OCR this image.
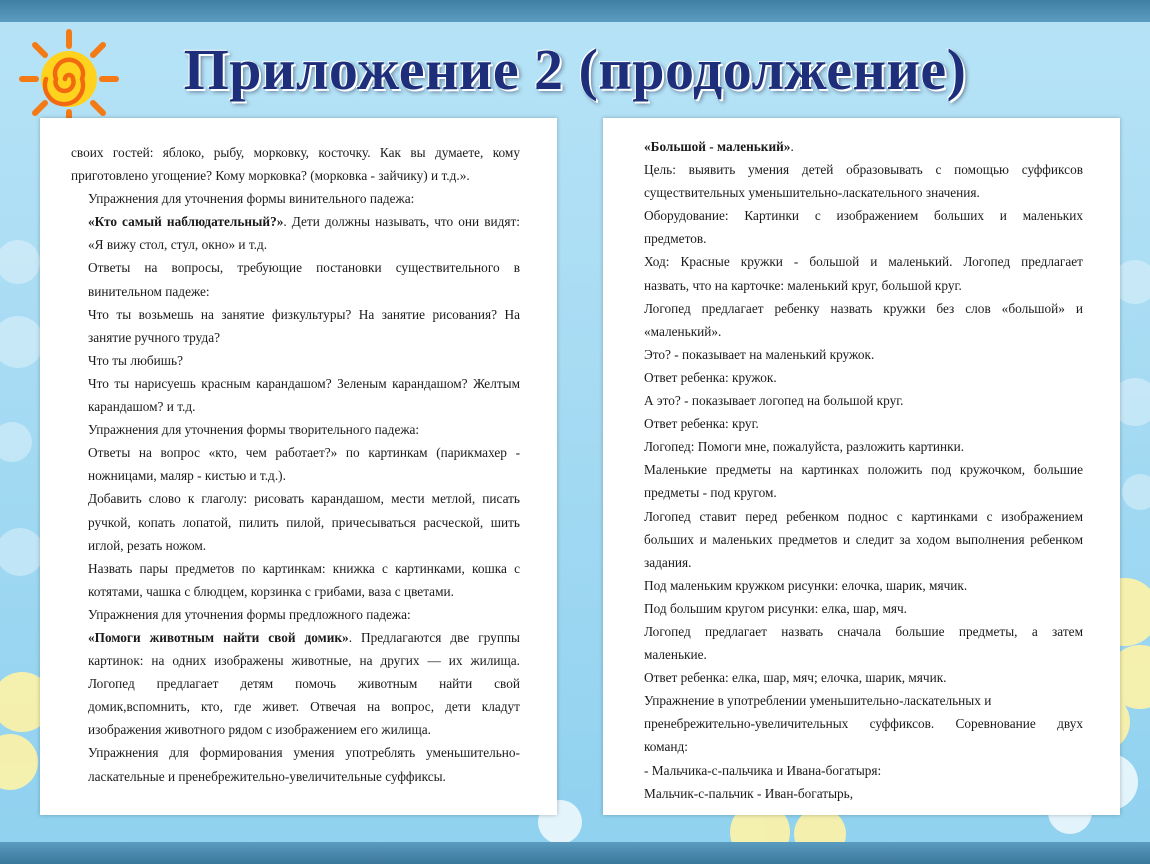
Приложение 2 (продолжение)
своих гостей: яблоко, рыбу, морковку, косточку. Как вы думаете, кому
приготовлено угощение? Кому морковка? (морковка - зайчику) и т.д.».
Упражнения для уточнения формы винительного падежа:
«Кто самый наблюдательный?». Дети должны называть, что они видят:
«Я вижу стол, стул, окно» и т.д.
Ответы на вопросы, требующие постановки существительного в
винительном падеже:
Что ты возьмешь на занятие физкультуры? На занятие рисования? На
занятие ручного труда?
Что ты любишь?
Что ты нарисуешь красным карандашом? Зеленым карандашом? Желтым
карандашом? и т.д.
Упражнения для уточнения формы творительного падежа:
Ответы на вопрос «кто, чем работает?» по картинкам (парикмахер -
ножницами, маляр - кистью и т.д.).
Добавить слово к глаголу: рисовать карандашом, мести метлой, писать
ручкой, копать лопатой, пилить пилой, причесываться расческой, шить
иглой, резать ножом.
Назвать пары предметов по картинкам: книжка с картинками, кошка с
котятами, чашка с блюдцем, корзинка с грибами, ваза с цветами.
Упражнения для уточнения формы предложного падежа:
«Помоги животным найти свой домик». Предлагаются две группы
картинок: на одних изображены животные, на других — их жилища.
Логопед предлагает детям помочь животным найти свой
домик,вспомнить, кто, где живет. Отвечая на вопрос, дети кладут
изображения животного рядом с изображением его жилища.
Упражнения для формирования умения употреблять уменьшительно-
ласкательные и пренебрежительно-увеличительные суффиксы.
«Большой - маленький».
Цель: выявить умения детей образовывать с помощью суффиксов
существительных уменьшительно-ласкательного значения.
Оборудование: Картинки с изображением больших и маленьких
предметов.
Ход: Красные кружки - большой и маленький. Логопед предлагает
назвать, что на карточке: маленький круг, большой круг.
Логопед предлагает ребенку назвать кружки без слов «большой» и
«маленький».
Это? - показывает на маленький кружок.
Ответ ребенка: кружок.
А это? - показывает логопед на большой круг.
Ответ ребенка: круг.
Логопед: Помоги мне, пожалуйста, разложить картинки.
Маленькие предметы на картинках положить под кружочком, большие
предметы - под кругом.
Логопед ставит перед ребенком поднос с картинками с изображением
больших и маленьких предметов и следит за ходом выполнения ребенком
задания.
Под маленьким кружком рисунки: елочка, шарик, мячик.
Под большим кругом рисунки: елка, шар, мяч.
Логопед предлагает назвать сначала большие предметы, а затем
маленькие.
Ответ ребенка: елка, шар, мяч; елочка, шарик, мячик.
Упражнение в употреблении уменьшительно-ласкательных и
пренебрежительно-увеличительных суффиксов. Соревнование двух
команд:
- Мальчика-с-пальчика и Ивана-богатыря:
Мальчик-с-пальчик - Иван-богатырь,
